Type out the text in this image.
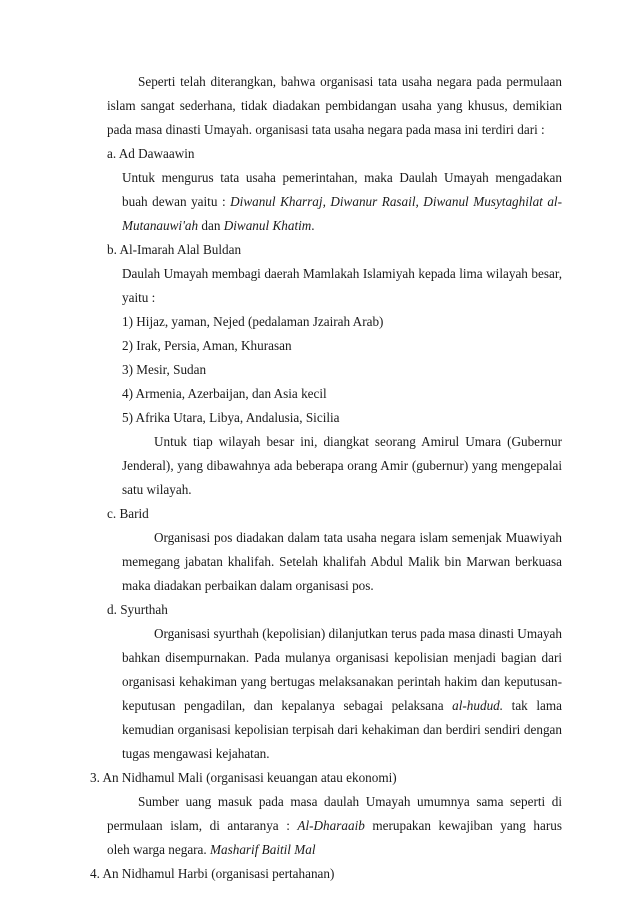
Seperti telah diterangkan, bahwa organisasi tata usaha negara pada permulaan
islam sangat sederhana, tidak diadakan pembidangan usaha yang khusus, demikian
pada masa dinasti Umayah. organisasi tata usaha negara pada masa ini terdiri dari :
a. Ad Dawaawin
Untuk mengurus tata usaha pemerintahan, maka Daulah Umayah mengadakan
buah dewan yaitu : Diwanul Kharraj, Diwanur Rasail, Diwanul Musytaghilat al-
Mutanauwi'ah dan Diwanul Khatim.
b. Al-Imarah Alal Buldan
Daulah Umayah membagi daerah Mamlakah Islamiyah kepada lima wilayah besar,
yaitu :
1) Hijaz, yaman, Nejed (pedalaman Jzairah Arab)
2) Irak, Persia, Aman, Khurasan
3) Mesir, Sudan
4) Armenia, Azerbaijan, dan Asia kecil
5) Afrika Utara, Libya, Andalusia, Sicilia
Untuk tiap wilayah besar ini, diangkat seorang Amirul Umara (Gubernur
Jenderal), yang dibawahnya ada beberapa orang Amir (gubernur) yang mengepalai
satu wilayah.
c. Barid
Organisasi pos diadakan dalam tata usaha negara islam semenjak Muawiyah
memegang jabatan khalifah. Setelah khalifah Abdul Malik bin Marwan berkuasa
maka diadakan perbaikan dalam organisasi pos.
d. Syurthah
Organisasi syurthah (kepolisian) dilanjutkan terus pada masa dinasti Umayah
bahkan disempurnakan. Pada mulanya organisasi kepolisian menjadi bagian dari
organisasi kehakiman yang bertugas melaksanakan perintah hakim dan keputusan-
keputusan pengadilan, dan kepalanya sebagai pelaksana al-hudud. tak lama
kemudian organisasi kepolisian terpisah dari kehakiman dan berdiri sendiri dengan
tugas mengawasi kejahatan.
3. An Nidhamul Mali (organisasi keuangan atau ekonomi)
Sumber uang masuk pada masa daulah Umayah umumnya sama seperti di
permulaan islam, di antaranya : Al-Dharaaib merupakan kewajiban yang harus
oleh warga negara. Masharif Baitil Mal
4. An Nidhamul Harbi (organisasi pertahanan)
